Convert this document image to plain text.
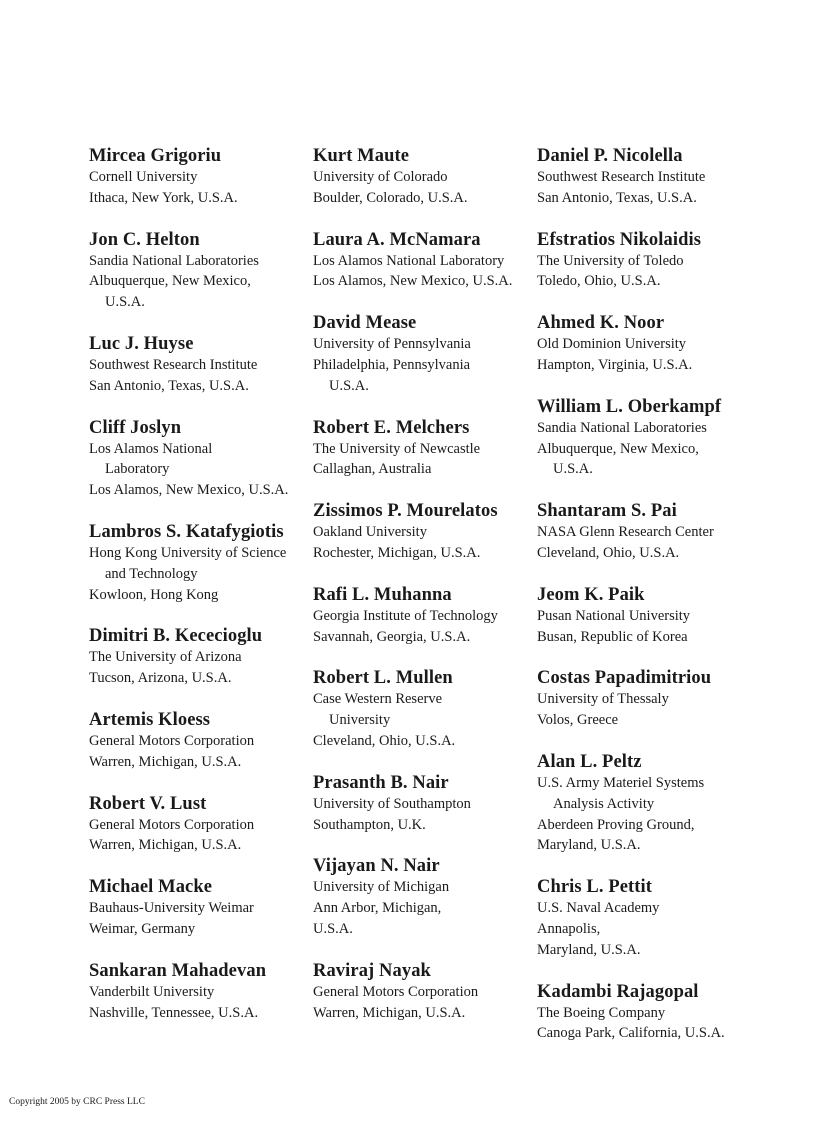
Mircea Grigoriu
Cornell University
Ithaca, New York, U.S.A.
Jon C. Helton
Sandia National Laboratories
Albuquerque, New Mexico,
U.S.A.
Luc J. Huyse
Southwest Research Institute
San Antonio, Texas, U.S.A.
Cliff Joslyn
Los Alamos National
Laboratory
Los Alamos, New Mexico, U.S.A.
Lambros S. Katafygiotis
Hong Kong University of Science
and Technology
Kowloon, Hong Kong
Dimitri B. Kececioglu
The University of Arizona
Tucson, Arizona, U.S.A.
Artemis Kloess
General Motors Corporation
Warren, Michigan, U.S.A.
Robert V. Lust
General Motors Corporation
Warren, Michigan, U.S.A.
Michael Macke
Bauhaus-University Weimar
Weimar, Germany
Sankaran Mahadevan
Vanderbilt University
Nashville, Tennessee, U.S.A.
Kurt Maute
University of Colorado
Boulder, Colorado, U.S.A.
Laura A. McNamara
Los Alamos National Laboratory
Los Alamos, New Mexico, U.S.A.
David Mease
University of Pennsylvania
Philadelphia, Pennsylvania
U.S.A.
Robert E. Melchers
The University of Newcastle
Callaghan, Australia
Zissimos P. Mourelatos
Oakland University
Rochester, Michigan, U.S.A.
Rafi L. Muhanna
Georgia Institute of Technology
Savannah, Georgia, U.S.A.
Robert L. Mullen
Case Western Reserve
University
Cleveland, Ohio, U.S.A.
Prasanth B. Nair
University of Southampton
Southampton, U.K.
Vijayan N. Nair
University of Michigan
Ann Arbor, Michigan,
U.S.A.
Raviraj Nayak
General Motors Corporation
Warren, Michigan, U.S.A.
Daniel P. Nicolella
Southwest Research Institute
San Antonio, Texas, U.S.A.
Efstratios Nikolaidis
The University of Toledo
Toledo, Ohio, U.S.A.
Ahmed K. Noor
Old Dominion University
Hampton, Virginia, U.S.A.
William L. Oberkampf
Sandia National Laboratories
Albuquerque, New Mexico,
U.S.A.
Shantaram S. Pai
NASA Glenn Research Center
Cleveland, Ohio, U.S.A.
Jeom K. Paik
Pusan National University
Busan, Republic of Korea
Costas Papadimitriou
University of Thessaly
Volos, Greece
Alan L. Peltz
U.S. Army Materiel Systems
Analysis Activity
Aberdeen Proving Ground,
Maryland, U.S.A.
Chris L. Pettit
U.S. Naval Academy
Annapolis,
Maryland, U.S.A.
Kadambi Rajagopal
The Boeing Company
Canoga Park, California, U.S.A.
Copyright 2005 by CRC Press LLC
